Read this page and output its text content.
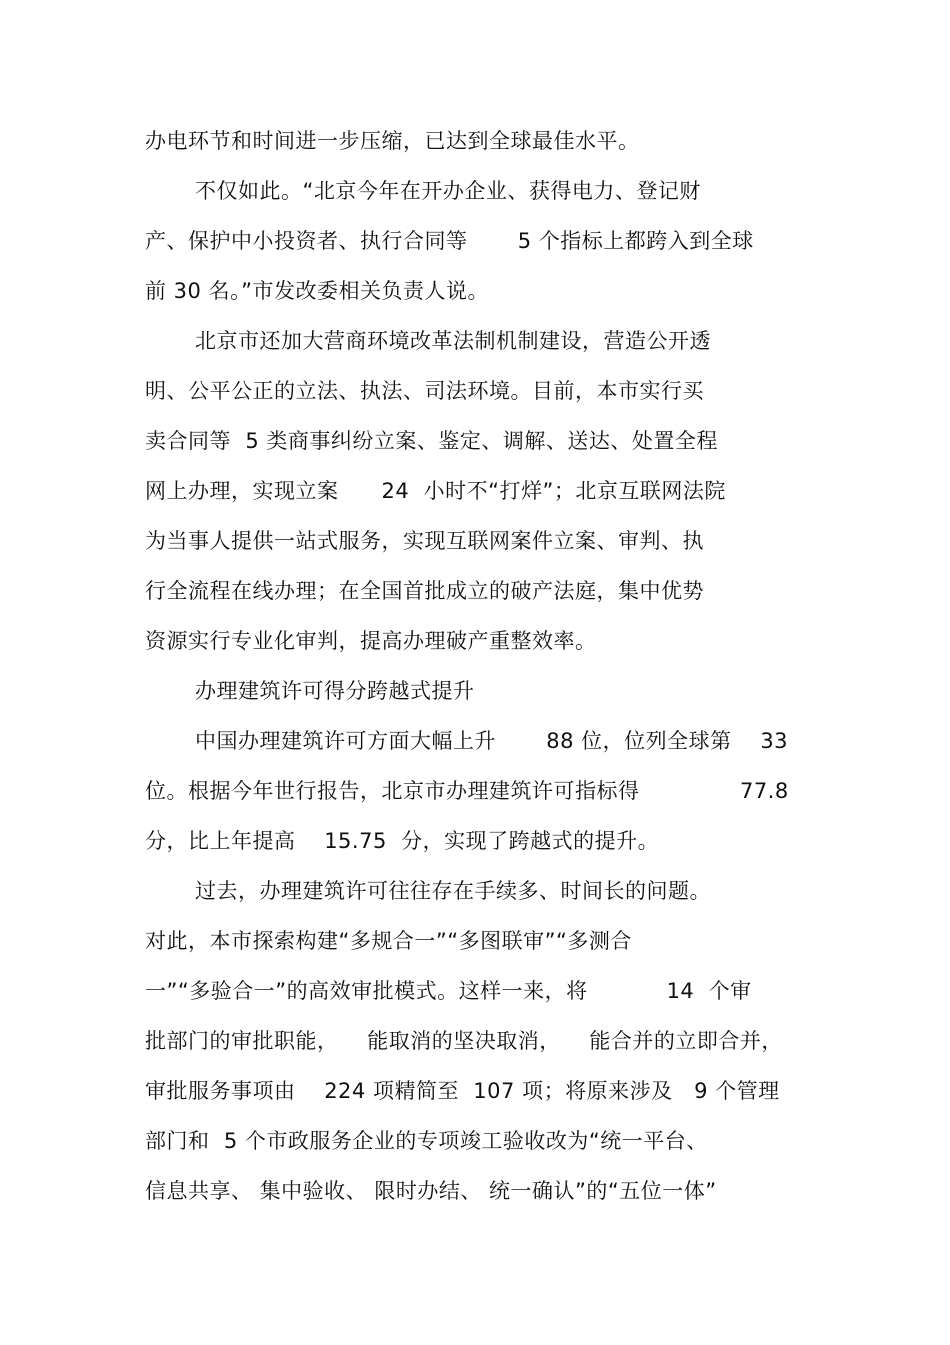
办电环节和时间进一步压缩，已达到全球最佳水平。
不仅如此。“北京今年在开办企业、获得电力、登记财
产、保护中小投资者、执行合同等       5 个指标上都跨入到全球
前 30 名。”市发改委相关负责人说。
北京市还加大营商环境改革法制机制建设，营造公开透
明、公平公正的立法、执法、司法环境。目前，本市实行买
卖合同等  5 类商事纠纷立案、鉴定、调解、送达、处置全程
网上办理，实现立案      24  小时不“打烊”；北京互联网法院
为当事人提供一站式服务，实现互联网案件立案、审判、执
行全流程在线办理；在全国首批成立的破产法庭，集中优势
资源实行专业化审判，提高办理破产重整效率。
办理建筑许可得分跨越式提升
中国办理建筑许可方面大幅上升       88 位，位列全球第    33
位。根据今年世行报告，北京市办理建筑许可指标得              77.8
分，比上年提高    15.75  分，实现了跨越式的提升。
过去，办理建筑许可往往存在手续多、时间长的问题。
对此，本市探索构建“多规合一”“多图联审”“多测合
一”“多验合一”的高效审批模式。这样一来，将           14  个审
批部门的审批职能，    能取消的坚决取消，    能合并的立即合并，
审批服务事项由    224 项精简至  107 项；将原来涉及   9 个管理
部门和  5 个市政服务企业的专项竣工验收改为“统一平台、
信息共享、 集中验收、 限时办结、 统一确认”的“五位一体”
